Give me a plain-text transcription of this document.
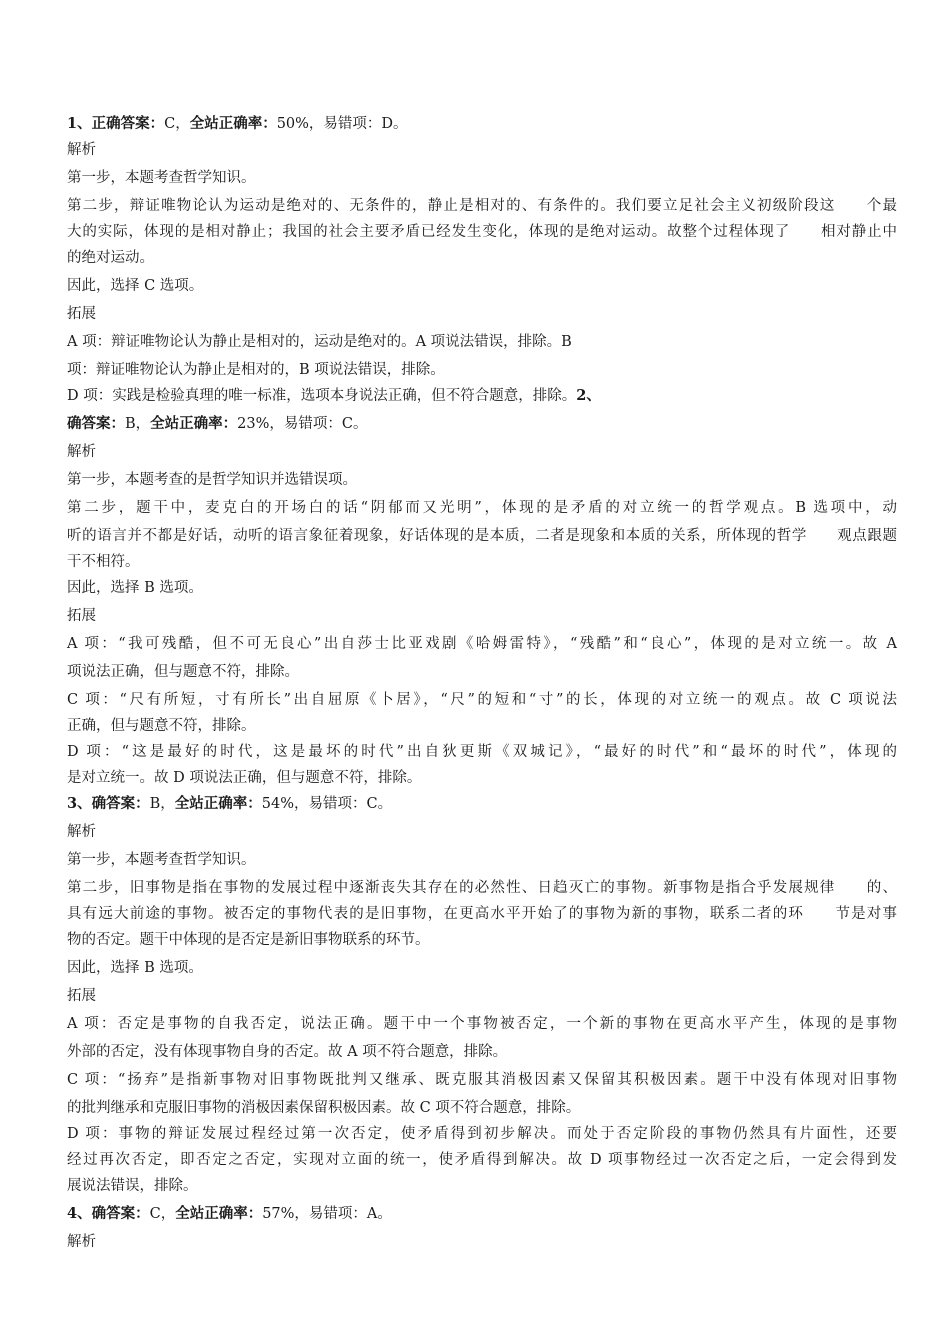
1、正确答案：C，全站正确率：50%，易错项：D。
解析
第一步，本题考查哲学知识。
第二步，辩证唯物论认为运动是绝对的、无条件的，静止是相对的、有条件的。我们要立足社会主义初级阶段这　　个最
大的实际，体现的是相对静止；我国的社会主要矛盾已经发生变化，体现的是绝对运动。故整个过程体现了　　相对静止中
的绝对运动。
因此，选择 C 选项。
拓展
A 项：辩证唯物论认为静止是相对的，运动是绝对的。A 项说法错误，排除。B
项：辩证唯物论认为静止是相对的，B 项说法错误，排除。
D 项：实践是检验真理的唯一标准，选项本身说法正确，但不符合题意，排除。2、
确答案：B，全站正确率：23%，易错项：C。
解析
第一步，本题考查的是哲学知识并选错误项。
第二步，题干中，麦克白的开场白的话“阴郁而又光明”，体现的是矛盾的对立统一的哲学观点。B 选项中，动
听的语言并不都是好话，动听的语言象征着现象，好话体现的是本质，二者是现象和本质的关系，所体现的哲学　　观点跟题
干不相符。
因此，选择 B 选项。
拓展
A 项：“我可残酷，但不可无良心”出自莎士比亚戏剧《哈姆雷特》，“残酷”和“良心”，体现的是对立统一。故 A
项说法正确，但与题意不符，排除。
C 项：“尺有所短，寸有所长”出自屈原《卜居》，“尺”的短和“寸”的长，体现的对立统一的观点。故 C 项说法
正确，但与题意不符，排除。
D 项：“这是最好的时代，这是最坏的时代”出自狄更斯《双城记》，“最好的时代”和“最坏的时代”，体现的
是对立统一。故 D 项说法正确，但与题意不符，排除。
3、确答案：B，全站正确率：54%，易错项：C。
解析
第一步，本题考查哲学知识。
第二步，旧事物是指在事物的发展过程中逐渐丧失其存在的必然性、日趋灭亡的事物。新事物是指合乎发展规律　　的、
具有远大前途的事物。被否定的事物代表的是旧事物，在更高水平开始了的事物为新的事物，联系二者的环　　节是对事
物的否定。题干中体现的是否定是新旧事物联系的环节。
因此，选择 B 选项。
拓展
A 项：否定是事物的自我否定，说法正确。题干中一个事物被否定，一个新的事物在更高水平产生，体现的是事物
外部的否定，没有体现事物自身的否定。故 A 项不符合题意，排除。
C 项：“扬弃”是指新事物对旧事物既批判又继承、既克服其消极因素又保留其积极因素。题干中没有体现对旧事物
的批判继承和克服旧事物的消极因素保留积极因素。故 C 项不符合题意，排除。
D 项：事物的辩证发展过程经过第一次否定，使矛盾得到初步解决。而处于否定阶段的事物仍然具有片面性，还要
经过再次否定，即否定之否定，实现对立面的统一，使矛盾得到解决。故 D 项事物经过一次否定之后，一定会得到发
展说法错误，排除。
4、确答案：C，全站正确率：57%，易错项：A。
解析
